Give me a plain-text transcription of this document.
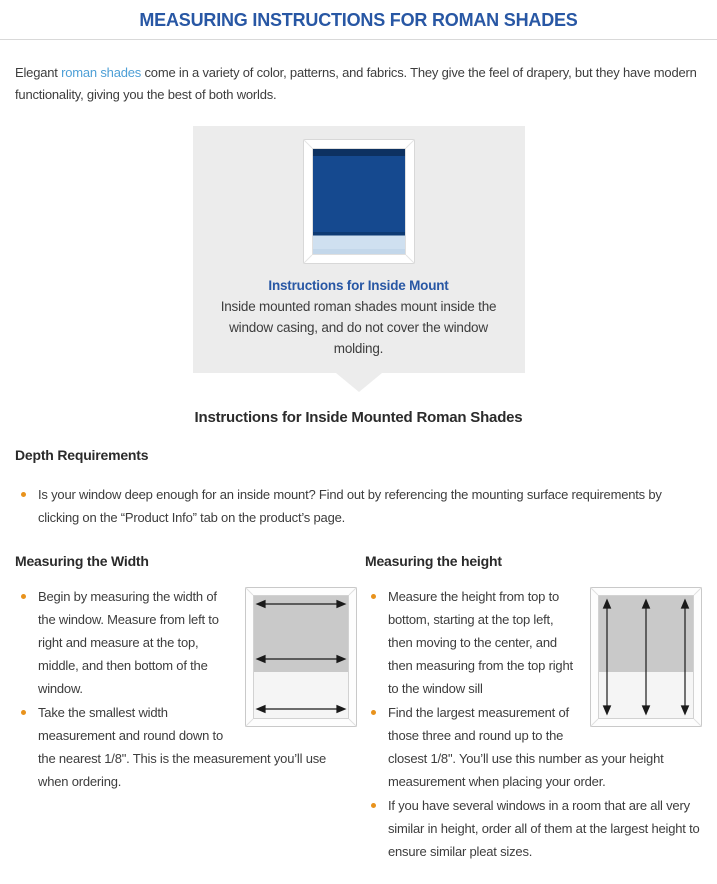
MEASURING INSTRUCTIONS FOR ROMAN SHADES

Elegant roman shades come in a variety of color, patterns, and fabrics. They give the feel of drapery, but they have modern functionality, giving you the best of both worlds.

Instructions for Inside Mount
Inside mounted roman shades mount inside the window casing, and do not cover the window molding.
Instructions for Inside Mounted Roman Shades
Depth Requirements
Is your window deep enough for an inside mount? Find out by referencing the mounting surface requirements by clicking on the “Product Info” tab on the product’s page.
Measuring the Width
Begin by measuring the width of the window. Measure from left to right and measure at the top, middle, and then bottom of the window.
Take the smallest width measurement and round down to the nearest 1/8". This is the measurement you’ll use when ordering.
Measuring the height
Measure the height from top to bottom, starting at the top left, then moving to the center, and then measuring from the top right to the window sill
Find the largest measurement of those three and round up to the closest 1/8". You’ll use this number as your height measurement when placing your order.
If you have several windows in a room that are all very similar in height, order all of them at the largest height to ensure similar pleat sizes.
